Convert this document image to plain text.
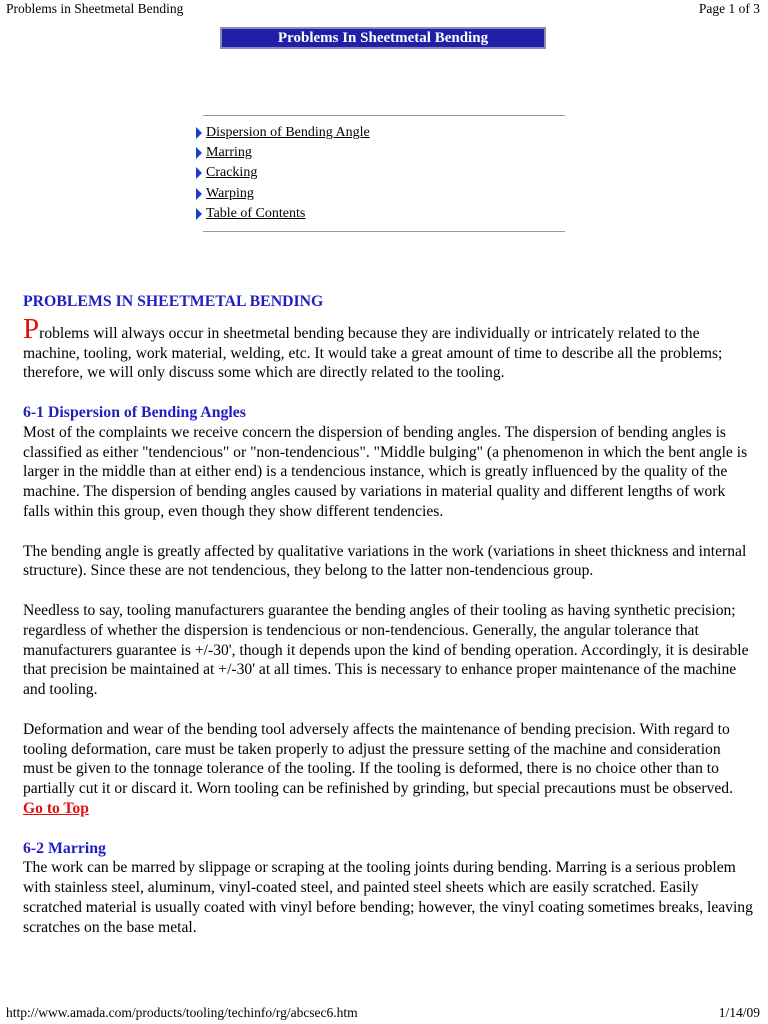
Problems in Sheetmetal Bending	Page 1 of 3
Problems In Sheetmetal Bending
Dispersion of Bending Angle
Marring
Cracking
Warping
Table of Contents
PROBLEMS IN SHEETMETAL BENDING

Problems will always occur in sheetmetal bending because they are individually or intricately related to the machine, tooling, work material, welding, etc. It would take a great amount of time to describe all the problems; therefore, we will only discuss some which are directly related to the tooling.

6-1 Dispersion of Bending Angles

Most of the complaints we receive concern the dispersion of bending angles. The dispersion of bending angles is classified as either "tendencious" or "non-tendencious". "Middle bulging" (a phenomenon in which the bent angle is larger in the middle than at either end) is a tendencious instance, which is greatly influenced by the quality of the machine. The dispersion of bending angles caused by variations in material quality and different lengths of work falls within this group, even though they show different tendencies.

The bending angle is greatly affected by qualitative variations in the work (variations in sheet thickness and internal structure). Since these are not tendencious, they belong to the latter non-tendencious group.

Needless to say, tooling manufacturers guarantee the bending angles of their tooling as having synthetic precision; regardless of whether the dispersion is tendencious or non-tendencious. Generally, the angular tolerance that manufacturers guarantee is +/-30', though it depends upon the kind of bending operation. Accordingly, it is desirable that precision be maintained at +/-30' at all times. This is necessary to enhance proper maintenance of the machine and tooling.

Deformation and wear of the bending tool adversely affects the maintenance of bending precision. With regard to tooling deformation, care must be taken properly to adjust the pressure setting of the machine and consideration must be given to the tonnage tolerance of the tooling. If the tooling is deformed, there is no choice other than to partially cut it or discard it. Worn tooling can be refinished by grinding, but special precautions must be observed. Go to Top

6-2 Marring

The work can be marred by slippage or scraping at the tooling joints during bending. Marring is a serious problem with stainless steel, aluminum, vinyl-coated steel, and painted steel sheets which are easily scratched. Easily scratched material is usually coated with vinyl before bending; however, the vinyl coating sometimes breaks, leaving scratches on the base metal.

http://www.amada.com/products/tooling/techinfo/rg/abcsec6.htm	1/14/09
